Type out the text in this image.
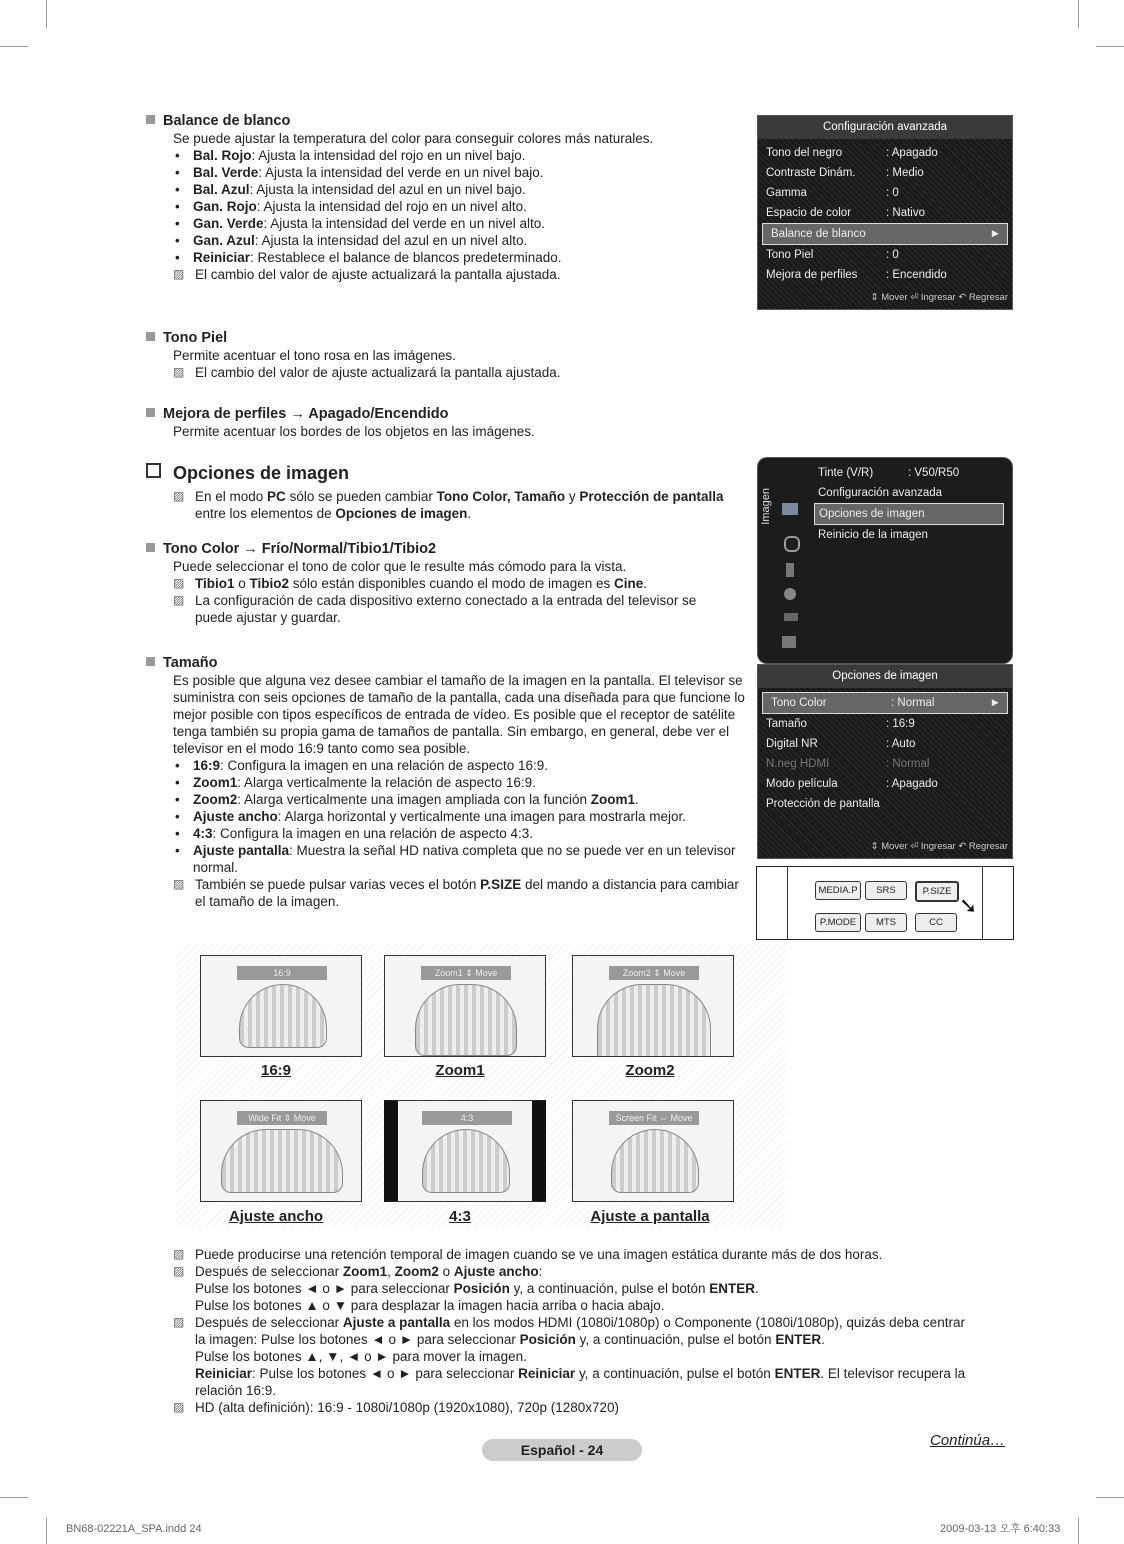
Balance de blanco

Se puede ajustar la temperatura del color para conseguir colores más naturales.

• Bal. Rojo: Ajusta la intensidad del rojo en un nivel bajo.
• Bal. Verde: Ajusta la intensidad del verde en un nivel bajo.
• Bal. Azul: Ajusta la intensidad del azul en un nivel bajo.
• Gan. Rojo: Ajusta la intensidad del rojo en un nivel alto.
• Gan. Verde: Ajusta la intensidad del verde en un nivel alto.
• Gan. Azul: Ajusta la intensidad del azul en un nivel alto.
• Reiniciar: Restablece el balance de blancos predeterminado.
▨ El cambio del valor de ajuste actualizará la pantalla ajustada.
Tono Piel

Permite acentuar el tono rosa en las imágenes.

▨ El cambio del valor de ajuste actualizará la pantalla ajustada.
Mejora de perfiles → Apagado/Encendido

Permite acentuar los bordes de los objetos en las imágenes.

Opciones de imagen
▨ En el modo PC sólo se pueden cambiar Tono Color, Tamaño y Protección de pantalla entre los elementos de Opciones de imagen.
Tono Color → Frío/Normal/Tibio1/Tibio2

Puede seleccionar el tono de color que le resulte más cómodo para la vista.

▨ Tibio1 o Tibio2 sólo están disponibles cuando el modo de imagen es Cine.
▨ La configuración de cada dispositivo externo conectado a la entrada del televisor se puede ajustar y guardar.
Tamaño

Es posible que alguna vez desee cambiar el tamaño de la imagen en la pantalla. El televisor se suministra con seis opciones de tamaño de la pantalla, cada una diseñada para que funcione lo mejor posible con tipos específicos de entrada de vídeo. Es posible que el receptor de satélite tenga también su propia gama de tamaños de pantalla. Sin embargo, en general, debe ver el televisor en el modo 16:9 tanto como sea posible.

• 16:9: Configura la imagen en una relación de aspecto 16:9.
• Zoom1: Alarga verticalmente la relación de aspecto 16:9.
• Zoom2: Alarga verticalmente una imagen ampliada con la función Zoom1.
• Ajuste ancho: Alarga horizontal y verticalmente una imagen para mostrarla mejor.
• 4:3: Configura la imagen en una relación de aspecto 4:3.
• Ajuste pantalla: Muestra la señal HD nativa completa que no se puede ver en un televisor normal.
▨ También se puede pulsar varias veces el botón P.SIZE del mando a distancia para cambiar el tamaño de la imagen.
Configuración avanzada
Tono del negro	: Apagado
Contraste Dinám.	: Medio
Gamma	: 0
Espacio de color	: Nativo
Balance de blanco	►
Tono Piel	: 0
Mejora de perfiles	: Encendido
⇕ Mover ⏎ Ingresar ↶ Regresar
Imagen
Tinte (V/R)	: V50/R50
Configuración avanzada
Opciones de imagen
Reinicio de la imagen
Opciones de imagen
Tono Color	: Normal	►
Tamaño	: 16:9
Digital NR	: Auto
N.neg HDMI	: Normal
Modo película	: Apagado
Protección de pantalla
⇕ Mover ⏎ Ingresar ↶ Regresar
MEDIA.P	SRS	P.SIZE
P.MODE	MTS	CC
➘
16:9	Zoom1 ⇕ Move	Zoom2 ⇕ Move
16:9	Zoom1	Zoom2
Wide Fit ⇕ Move	4:3	Screen Fit ⇔ Move
Ajuste ancho	4:3	Ajuste a pantalla
▨ Puede producirse una retención temporal de imagen cuando se ve una imagen estática durante más de dos horas.
▨ Después de seleccionar Zoom1, Zoom2 o Ajuste ancho:
Pulse los botones ◄ o ► para seleccionar Posición y, a continuación, pulse el botón ENTER.
Pulse los botones ▲ o ▼ para desplazar la imagen hacia arriba o hacia abajo.
▨ Después de seleccionar Ajuste a pantalla en los modos HDMI (1080i/1080p) o Componente (1080i/1080p), quizás deba centrar la imagen: Pulse los botones ◄ o ► para seleccionar Posición y, a continuación, pulse el botón ENTER.
Pulse los botones ▲, ▼, ◄ o ► para mover la imagen.
Reiniciar: Pulse los botones ◄ o ► para seleccionar Reiniciar y, a continuación, pulse el botón ENTER. El televisor recupera la relación 16:9.
▨ HD (alta definición): 16:9 - 1080i/1080p (1920x1080), 720p (1280x720)
Continúa…
Español - 24
BN68-02221A_SPA.indd 24	2009-03-13 오후 6:40:33
